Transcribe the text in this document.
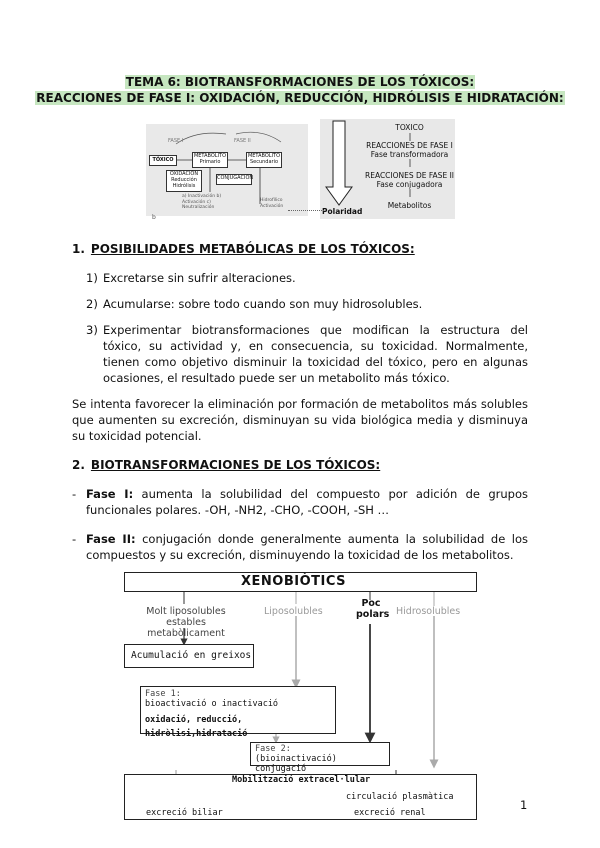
TEMA 6: BIOTRANSFORMACIONES DE LOS TÓXICOS:
REACCIONES DE FASE I: OXIDACIÓN, REDUCCIÓN, HIDRÓLISIS E HIDRATACIÓN:
FASE I	FASE II
TÓXICO
METABOLITO Primario
METABOLITO Secundario
OXIDACIÓN Reducción Hidrólisis
CONJUGACIÓN
a) Inactivación b) Activación c) Neutralización
Hidrofílico Activación
b
TOXICO
REACCIONES DE FASE I
Fase transformadora
REACCIONES DE FASE II
Fase conjugadora
Metabolitos
Polaridad
1. POSIBILIDADES METABÓLICAS DE LOS TÓXICOS:
1) Excretarse sin sufrir alteraciones.
2) Acumularse: sobre todo cuando son muy hidrosolubles.
3) Experimentar biotransformaciones que modifican la estructura del tóxico, su actividad y, en consecuencia, su toxicidad. Normalmente, tienen como objetivo disminuir la toxicidad del tóxico, pero en algunas ocasiones, el resultado puede ser un metabolito más tóxico.
Se intenta favorecer la eliminación por formación de metabolitos más solubles que aumenten su excreción, disminuyan su vida biológica media y disminuya su toxicidad potencial.
2. BIOTRANSFORMACIONES DE LOS TÓXICOS:
- Fase I: aumenta la solubilidad del compuesto por adición de grupos funcionales polares. -OH, -NH2, -CHO, -COOH, -SH …
- Fase II: conjugación donde generalmente aumenta la solubilidad de los compuestos y su excreción, disminuyendo la toxicidad de los metabolitos.
XENOBIÒTICS
Molt liposolubles
estables metabòlicament
Liposolubles
Poc
polars Hidrosolubles
Acumulació en greixos
Fase 1:
bioactivació o inactivació
oxidació, reducció, hidròlisi,hidratació
Fase 2:
(bioinactivació) conjugació
Mobilització extracel·lular
circulació plasmàtica
excreció biliar	excreció renal
1
